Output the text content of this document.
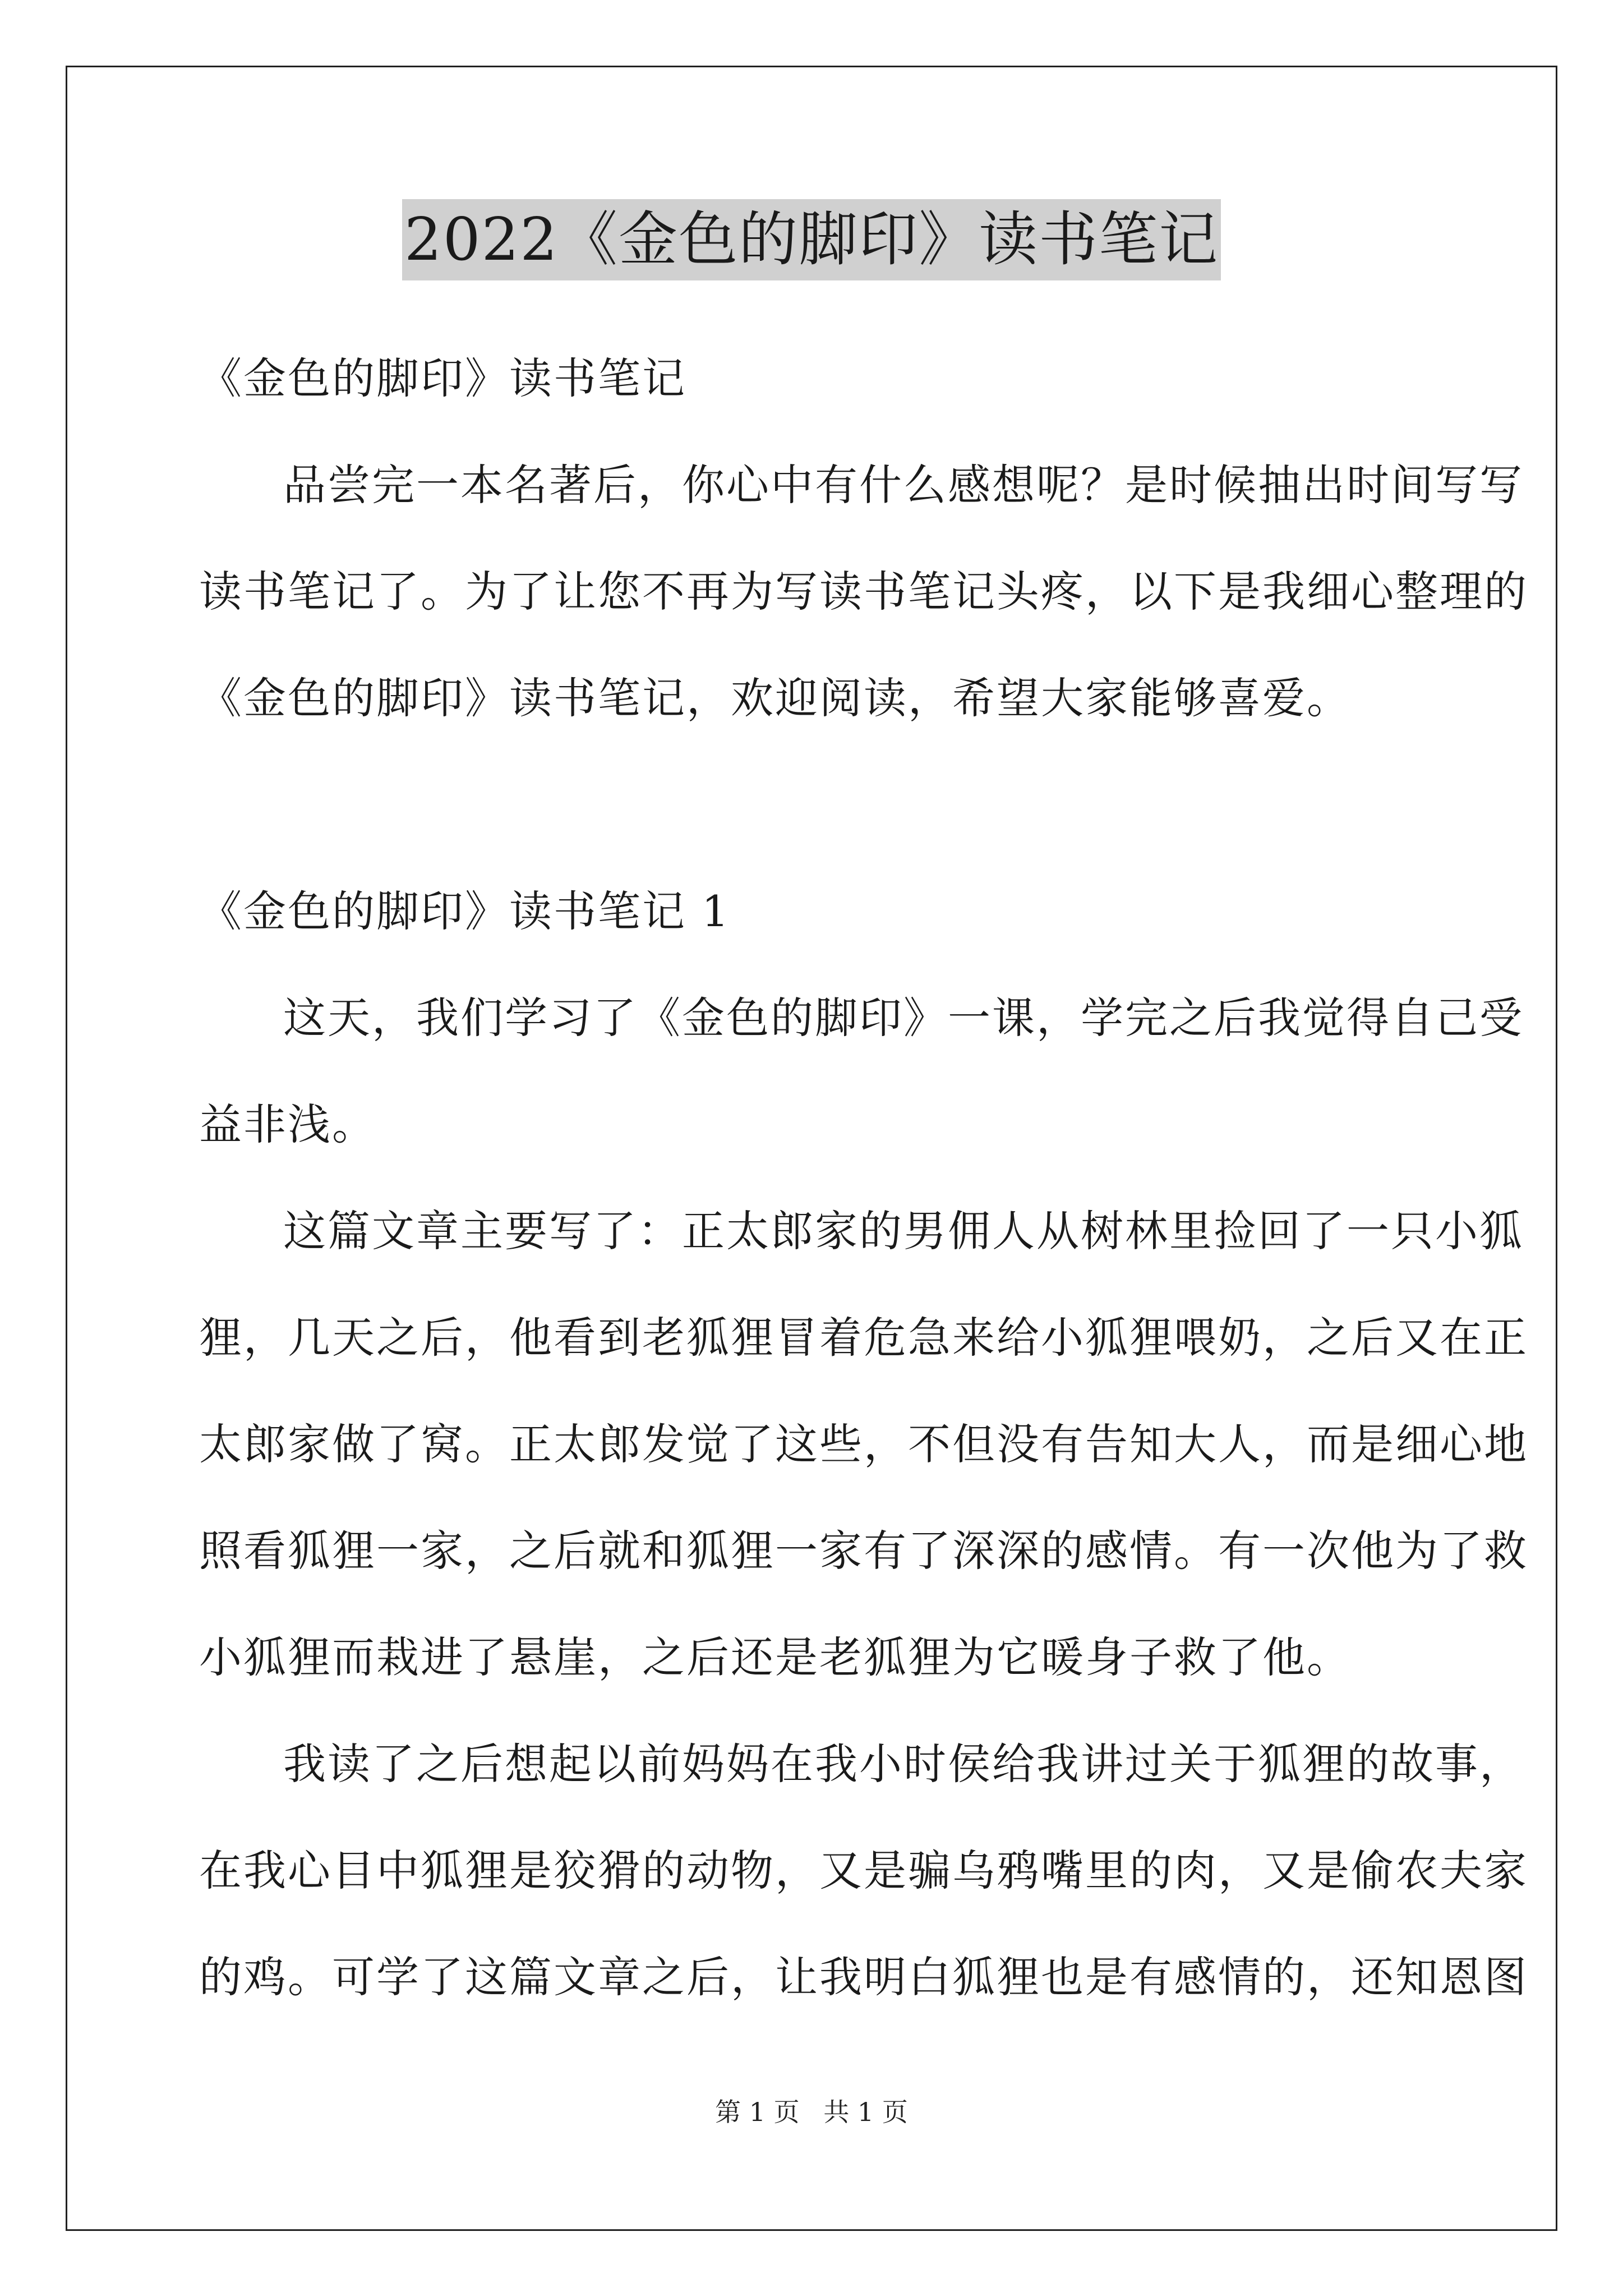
2022《金色的脚印》读书笔记
《金色的脚印》读书笔记
品尝完一本名著后，你心中有什么感想呢？是时候抽出时间写写
读书笔记了。为了让您不再为写读书笔记头疼，以下是我细心整理的
《金色的脚印》读书笔记，欢迎阅读，希望大家能够喜爱。
《金色的脚印》读书笔记 1
这天，我们学习了《金色的脚印》一课，学完之后我觉得自己受
益非浅。
这篇文章主要写了：正太郎家的男佣人从树林里捡回了一只小狐
狸，几天之后，他看到老狐狸冒着危急来给小狐狸喂奶，之后又在正
太郎家做了窝。正太郎发觉了这些，不但没有告知大人，而是细心地
照看狐狸一家，之后就和狐狸一家有了深深的感情。有一次他为了救
小狐狸而栽进了悬崖，之后还是老狐狸为它暖身子救了他。
我读了之后想起以前妈妈在我小时侯给我讲过关于狐狸的故事，
在我心目中狐狸是狡猾的动物，又是骗乌鸦嘴里的肉，又是偷农夫家
的鸡。可学了这篇文章之后，让我明白狐狸也是有感情的，还知恩图
第 1 页 共 1 页
